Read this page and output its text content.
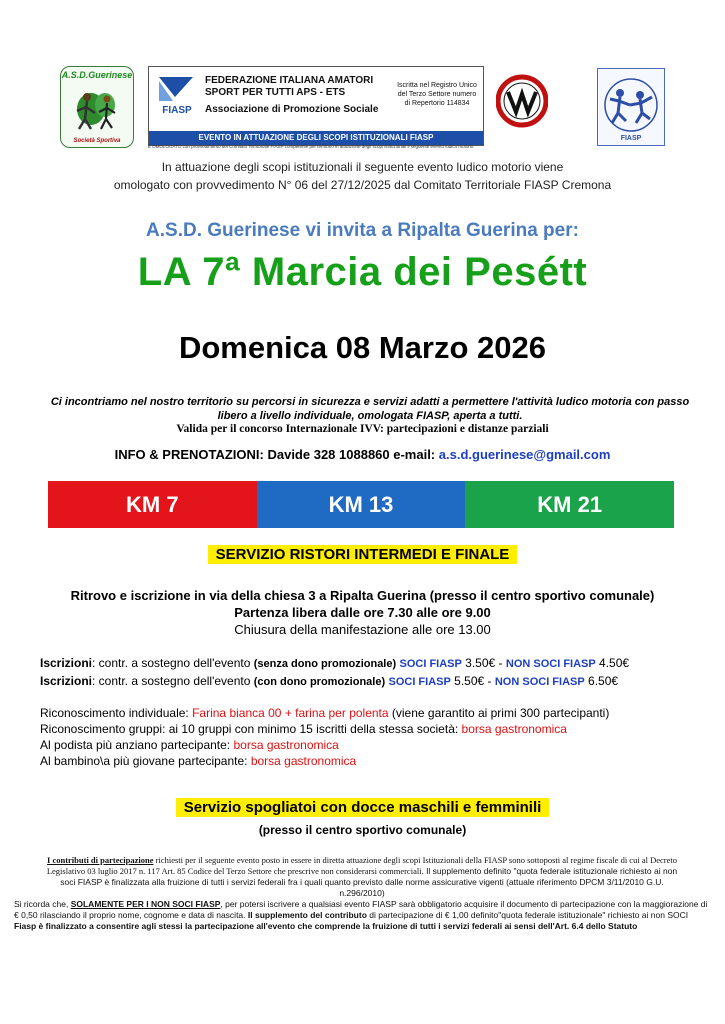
A.S.D.Guerinese
Società Sportiva
FIASP
FEDERAZIONE ITALIANA AMATORI
SPORT PER TUTTI APS - ETS
Associazione di Promozione Sociale
Iscritta nel Registro Unico del Terzo Settore numero di Repertorio 114834
EVENTO IN ATTUAZIONE DEGLI SCOPI ISTITUZIONALI FIASP
È OMOLOGATO con provvedimento del Comitato Territoriale FIASP competente per territorio in attuazione degli scopi istituzionali il seguente evento ludico motorio
FIASP
In attuazione degli scopi istituzionali il seguente evento ludico motorio viene
omologato con provvedimento N° 06 del 27/12/2025 dal Comitato Territoriale FIASP Cremona
A.S.D. Guerinese vi invita a Ripalta Guerina per:
LA 7ª Marcia dei Pesétt
Domenica 08 Marzo 2026
Ci incontriamo nel nostro territorio su percorsi in sicurezza e servizi adatti a permettere l'attività ludico motoria con passo libero a livello individuale, omologata FIASP, aperta a tutti.
Valida per il concorso Internazionale IVV: partecipazioni e distanze parziali
INFO & PRENOTAZIONI: Davide 328 1088860 e-mail: a.s.d.guerinese@gmail.com
KM 7	KM 13	KM 21
SERVIZIO RISTORI INTERMEDI E FINALE
Ritrovo e iscrizione in via della chiesa 3 a Ripalta Guerina (presso il centro sportivo comunale) Partenza libera dalle ore 7.30 alle ore 9.00
Chiusura della manifestazione alle ore 13.00
Iscrizioni: contr. a sostegno dell'evento (senza dono promozionale) SOCI FIASP 3.50€ - NON SOCI FIASP 4.50€
Iscrizioni: contr. a sostegno dell'evento (con dono promozionale) SOCI FIASP 5.50€ - NON SOCI FIASP 6.50€
Riconoscimento individuale: Farina bianca 00 + farina per polenta (viene garantito ai primi 300 partecipanti)
Riconoscimento gruppi: ai 10 gruppi con minimo 15 iscritti della stessa società: borsa gastronomica
Al podista più anziano partecipante: borsa gastronomica
Al bambino\a più giovane partecipante: borsa gastronomica
Servizio spogliatoi con docce maschili e femminili
(presso il centro sportivo comunale)

I contributi di partecipazione richiesti per il seguente evento posto in essere in diretta attuazione degli scopi Istituzionali della FIASP sono sottoposti al regime fiscale di cui al Decreto Legislativo 03 luglio 2017 n. 117 Art. 85 Codice del Terzo Settore che prescrive non considerarsi commerciali. Il supplemento definito "quota federale istituzionale richiesto ai non soci FIASP è finalizzata alla fruizione di tutti i servizi federali fra i quali quanto previsto dalle norme assicurative vigenti (attuale riferimento DPCM 3/11/2010 G.U. n.296/2010)

Si ricorda che, SOLAMENTE PER I NON SOCI FIASP, per potersi iscrivere a qualsiasi evento FIASP sarà obbligatorio acquisire il documento di partecipazione con la maggiorazione di € 0,50 rilasciando il proprio nome, cognome e data di nascita. Il supplemento del contributo di partecipazione di € 1,00 definito"quota federale istituzionale" richiesto ai non SOCI Fiasp è finalizzato a consentire agli stessi la partecipazione all'evento che comprende la fruizione di tutti i servizi federali ai sensi dell'Art. 6.4 dello Statuto
